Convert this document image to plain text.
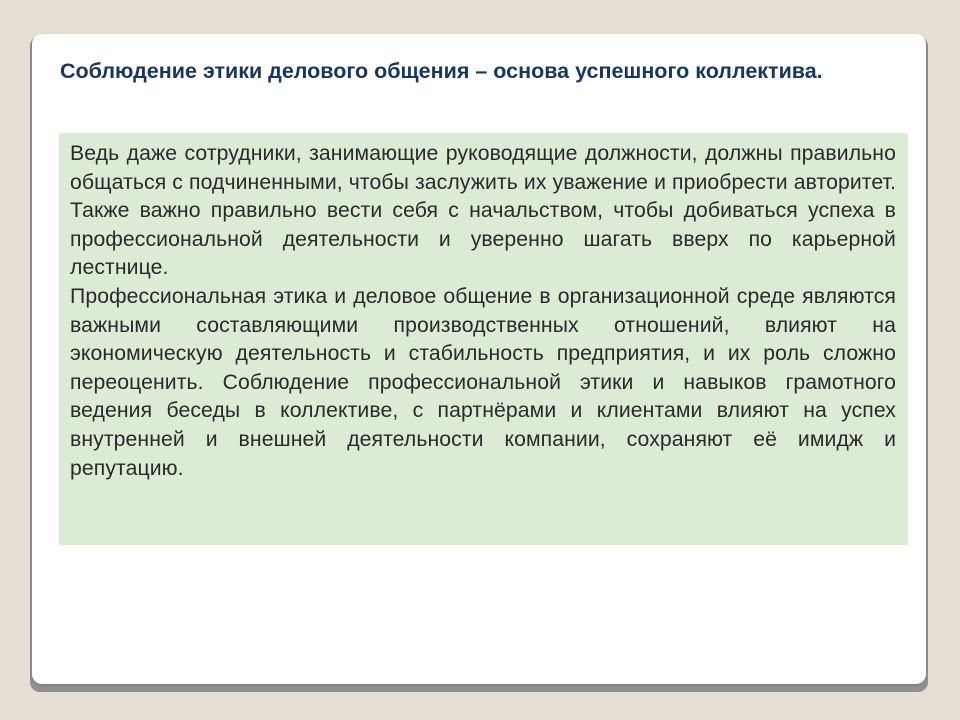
Соблюдение этики делового общения – основа успешного коллектива.

Ведь даже сотрудники, занимающие руководящие должности, должны правильно общаться с подчиненными, чтобы заслужить их уважение и приобрести авторитет. Также важно правильно вести себя с начальством, чтобы добиваться успеха в профессиональной деятельности и уверенно шагать вверх по карьерной лестнице.

Профессиональная этика и деловое общение в организационной среде являются важными составляющими производственных отношений, влияют на экономическую деятельность и стабильность предприятия, и их роль сложно переоценить. Соблюдение профессиональной этики и навыков грамотного ведения беседы в коллективе, с партнёрами и клиентами влияют на успех внутренней и внешней деятельности компании, сохраняют её имидж и репутацию.
